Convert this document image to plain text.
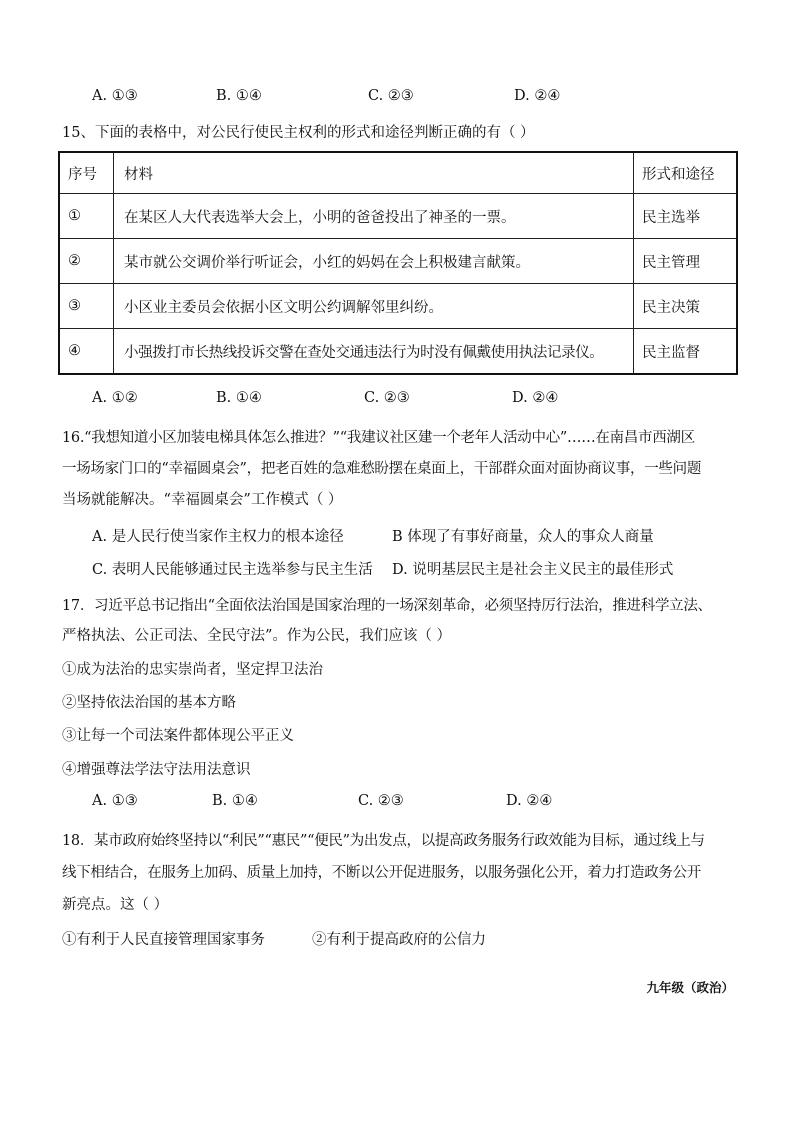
A. ①③	B. ①④	C. ②③	D. ②④
15、下面的表格中，对公民行使民主权利的形式和途径判断正确的有（ ）
序号	材料	形式和途径
①	在某区人大代表选举大会上，小明的爸爸投出了神圣的一票。	民主选举
②	某市就公交调价举行听证会，小红的妈妈在会上积极建言献策。	民主管理
③	小区业主委员会依据小区文明公约调解邻里纠纷。	民主决策
④	小强拨打市长热线投诉交警在查处交通违法行为时没有佩戴使用执法记录仪。	民主监督
A. ①②	B. ①④	C. ②③	D. ②④
16.“我想知道小区加装电梯具体怎么推进？”“我建议社区建一个老年人活动中心”……在南昌市西湖区
一场场家门口的“幸福圆桌会”，把老百姓的急难愁盼摆在桌面上，干部群众面对面协商议事，一些问题
当场就能解决。“幸福圆桌会”工作模式（ ）
A. 是人民行使当家作主权力的根本途径	B 体现了有事好商量，众人的事众人商量
C. 表明人民能够通过民主选举参与民主生活 D. 说明基层民主是社会主义民主的最佳形式
17．习近平总书记指出“全面依法治国是国家治理的一场深刻革命，必须坚持厉行法治，推进科学立法、
严格执法、公正司法、全民守法”。作为公民，我们应该（ ）
①成为法治的忠实崇尚者，坚定捍卫法治
②坚持依法治国的基本方略
③让每一个司法案件都体现公平正义
④增强尊法学法守法用法意识
A. ①③	B. ①④	C. ②③	D. ②④
18．某市政府始终坚持以“利民”“惠民”“便民”为出发点，以提高政务服务行政效能为目标，通过线上与
线下相结合，在服务上加码、质量上加持，不断以公开促进服务，以服务强化公开，着力打造政务公开
新亮点。这（ ）
①有利于人民直接管理国家事务	②有利于提高政府的公信力
九年级（政治）
